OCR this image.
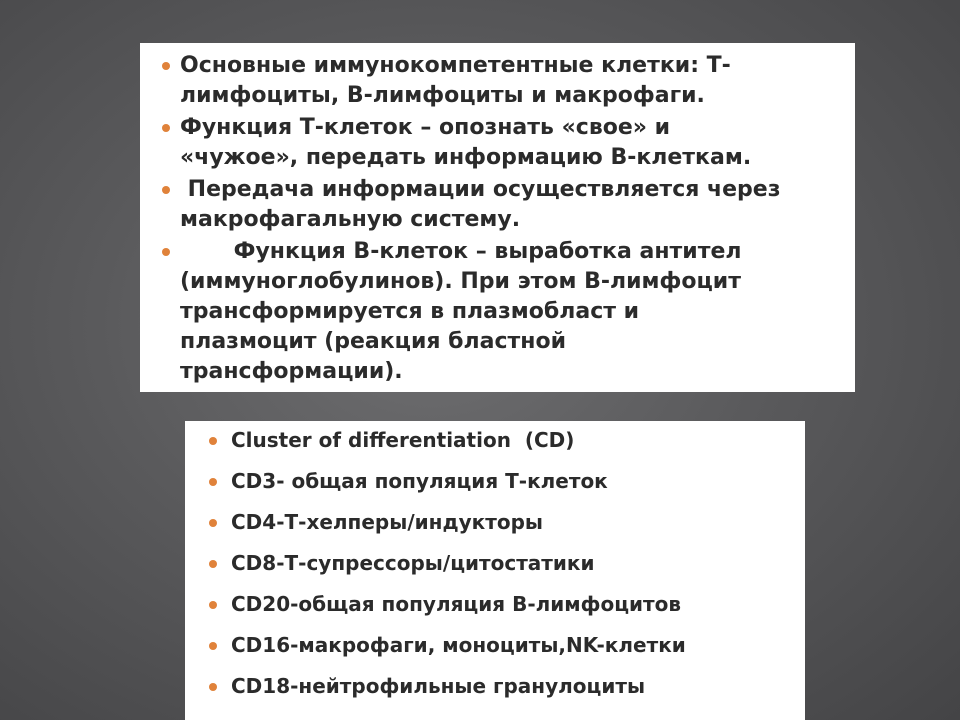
Основные иммунокомпетентные клетки: Т-
лимфоциты, В-лимфоциты и макрофаги.
Функция Т-клеток – опознать «свое» и
«чужое», передать информацию В-клеткам.
Передача информации осуществляется через
макрофагальную систему.
Функция В-клеток – выработка антител
(иммуноглобулинов). При этом В-лимфоцит
трансформируется в плазмобласт и
плазмоцит (реакция бластной
трансформации).
Cluster of differentiation  (CD)
CD3- общая популяция Т-клеток
CD4-Т-хелперы/индукторы
CD8-Т-супрессоры/цитостатики
CD20-общая популяция В-лимфоцитов
CD16-макрофаги, моноциты,NK-клетки
CD18-нейтрофильные гранулоциты
